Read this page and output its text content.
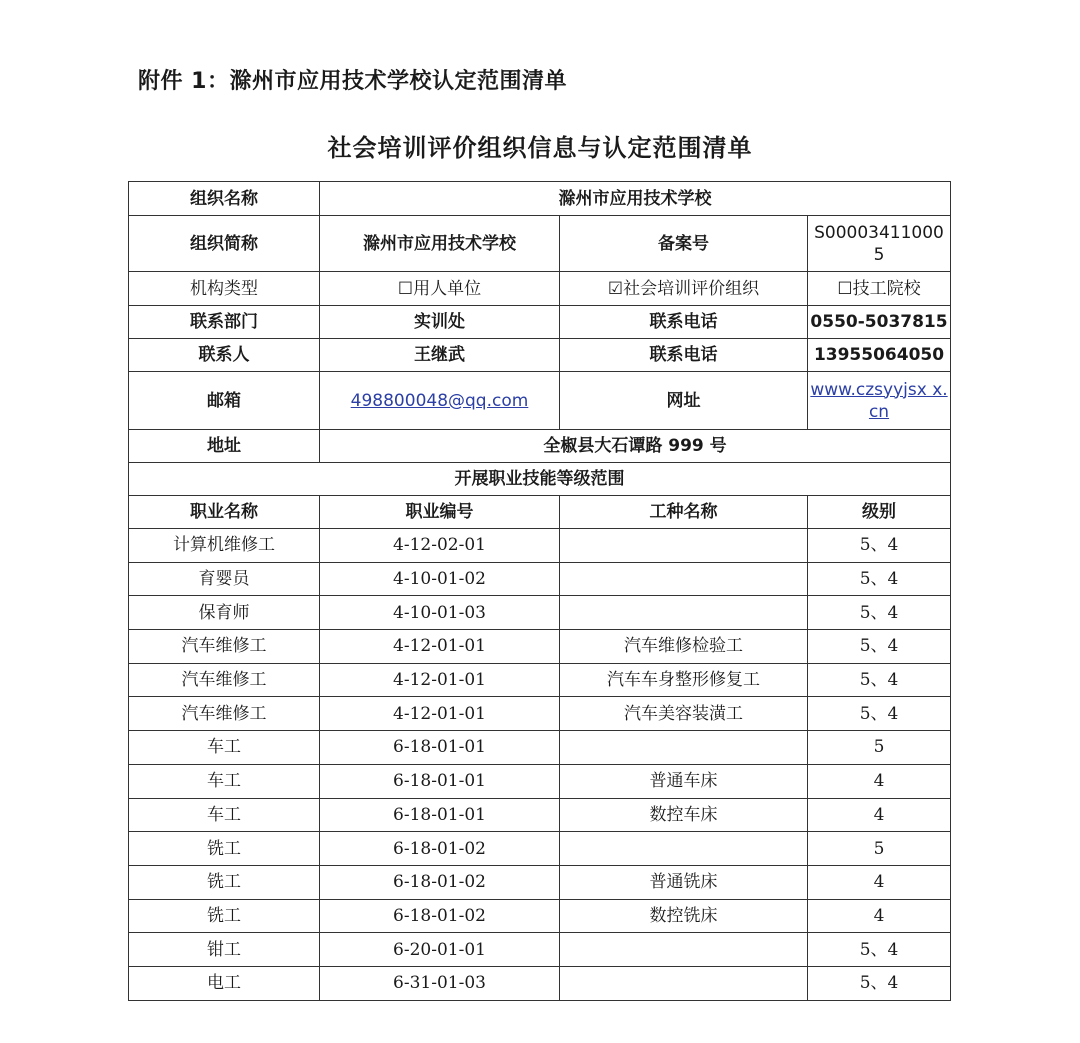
附件 1：滁州市应用技术学校认定范围清单
社会培训评价组织信息与认定范围清单
组织名称	滁州市应用技术学校		
组织简称	滁州市应用技术学校	备案号	S00003411000 5
机构类型	☐用人单位	☑社会培训评价组织	☐技工院校
联系部门	实训处	联系电话	0550-5037815
联系人	王继武	联系电话	13955064050
邮箱	498800048@qq.com	网址	www.czsyyjsx x.cn
地址	全椒县大石谭路 999 号		
开展职业技能等级范围			
职业名称	职业编号	工种名称	级别
计算机维修工	4-12-02-01		5、4
育婴员	4-10-01-02		5、4
保育师	4-10-01-03		5、4
汽车维修工	4-12-01-01	汽车维修检验工	5、4
汽车维修工	4-12-01-01	汽车车身整形修复工	5、4
汽车维修工	4-12-01-01	汽车美容装潢工	5、4
车工	6-18-01-01		5
车工	6-18-01-01	普通车床	4
车工	6-18-01-01	数控车床	4
铣工	6-18-01-02		5
铣工	6-18-01-02	普通铣床	4
铣工	6-18-01-02	数控铣床	4
钳工	6-20-01-01		5、4
电工	6-31-01-03		5、4
